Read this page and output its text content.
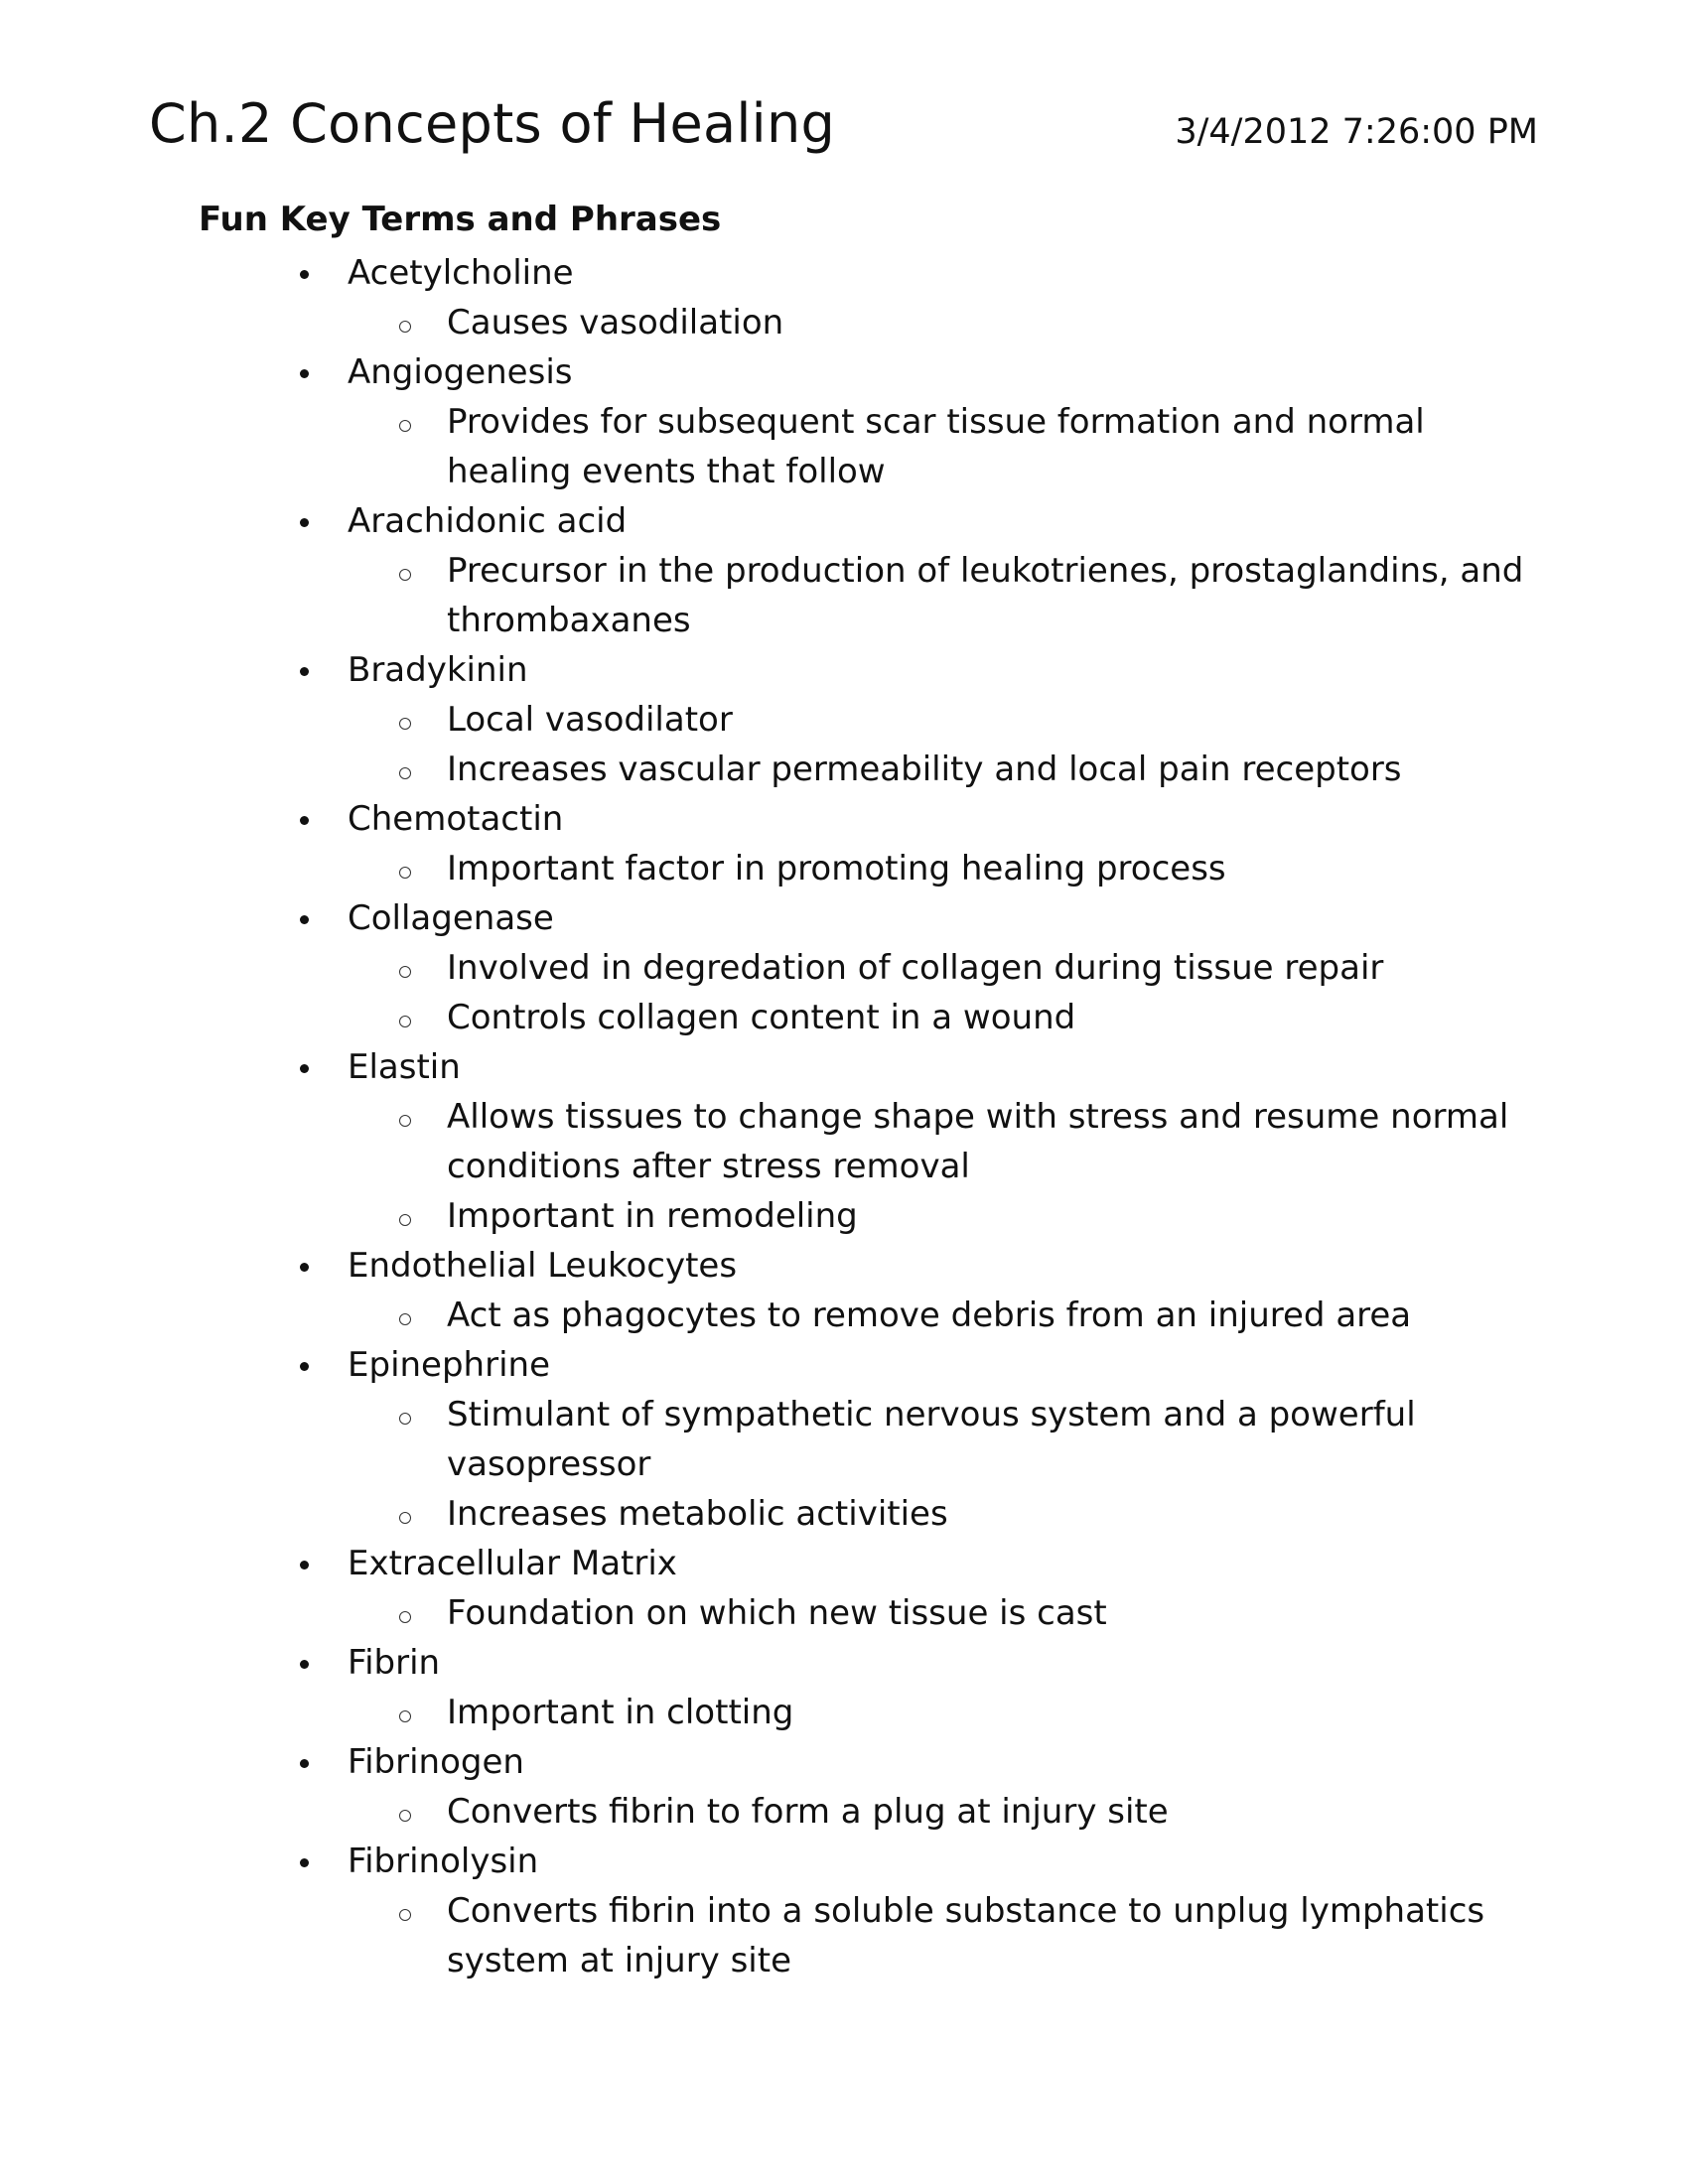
Ch.2 Concepts of Healing	3/4/2012 7:26:00 PM
Fun Key Terms and Phrases
Acetylcholine
Causes vasodilation
Angiogenesis
Provides for subsequent scar tissue formation and normal healing events that follow
Arachidonic acid
Precursor in the production of leukotrienes, prostaglandins, and thrombaxanes
Bradykinin
Local vasodilator
Increases vascular permeability and local pain receptors
Chemotactin
Important factor in promoting healing process
Collagenase
Involved in degredation of collagen during tissue repair
Controls collagen content in a wound
Elastin
Allows tissues to change shape with stress and resume normal conditions after stress removal
Important in remodeling
Endothelial Leukocytes
Act as phagocytes to remove debris from an injured area
Epinephrine
Stimulant of sympathetic nervous system and a powerful vasopressor
Increases metabolic activities
Extracellular Matrix
Foundation on which new tissue is cast
Fibrin
Important in clotting
Fibrinogen
Converts fibrin to form a plug at injury site
Fibrinolysin
Converts fibrin into a soluble substance to unplug lymphatics system at injury site
